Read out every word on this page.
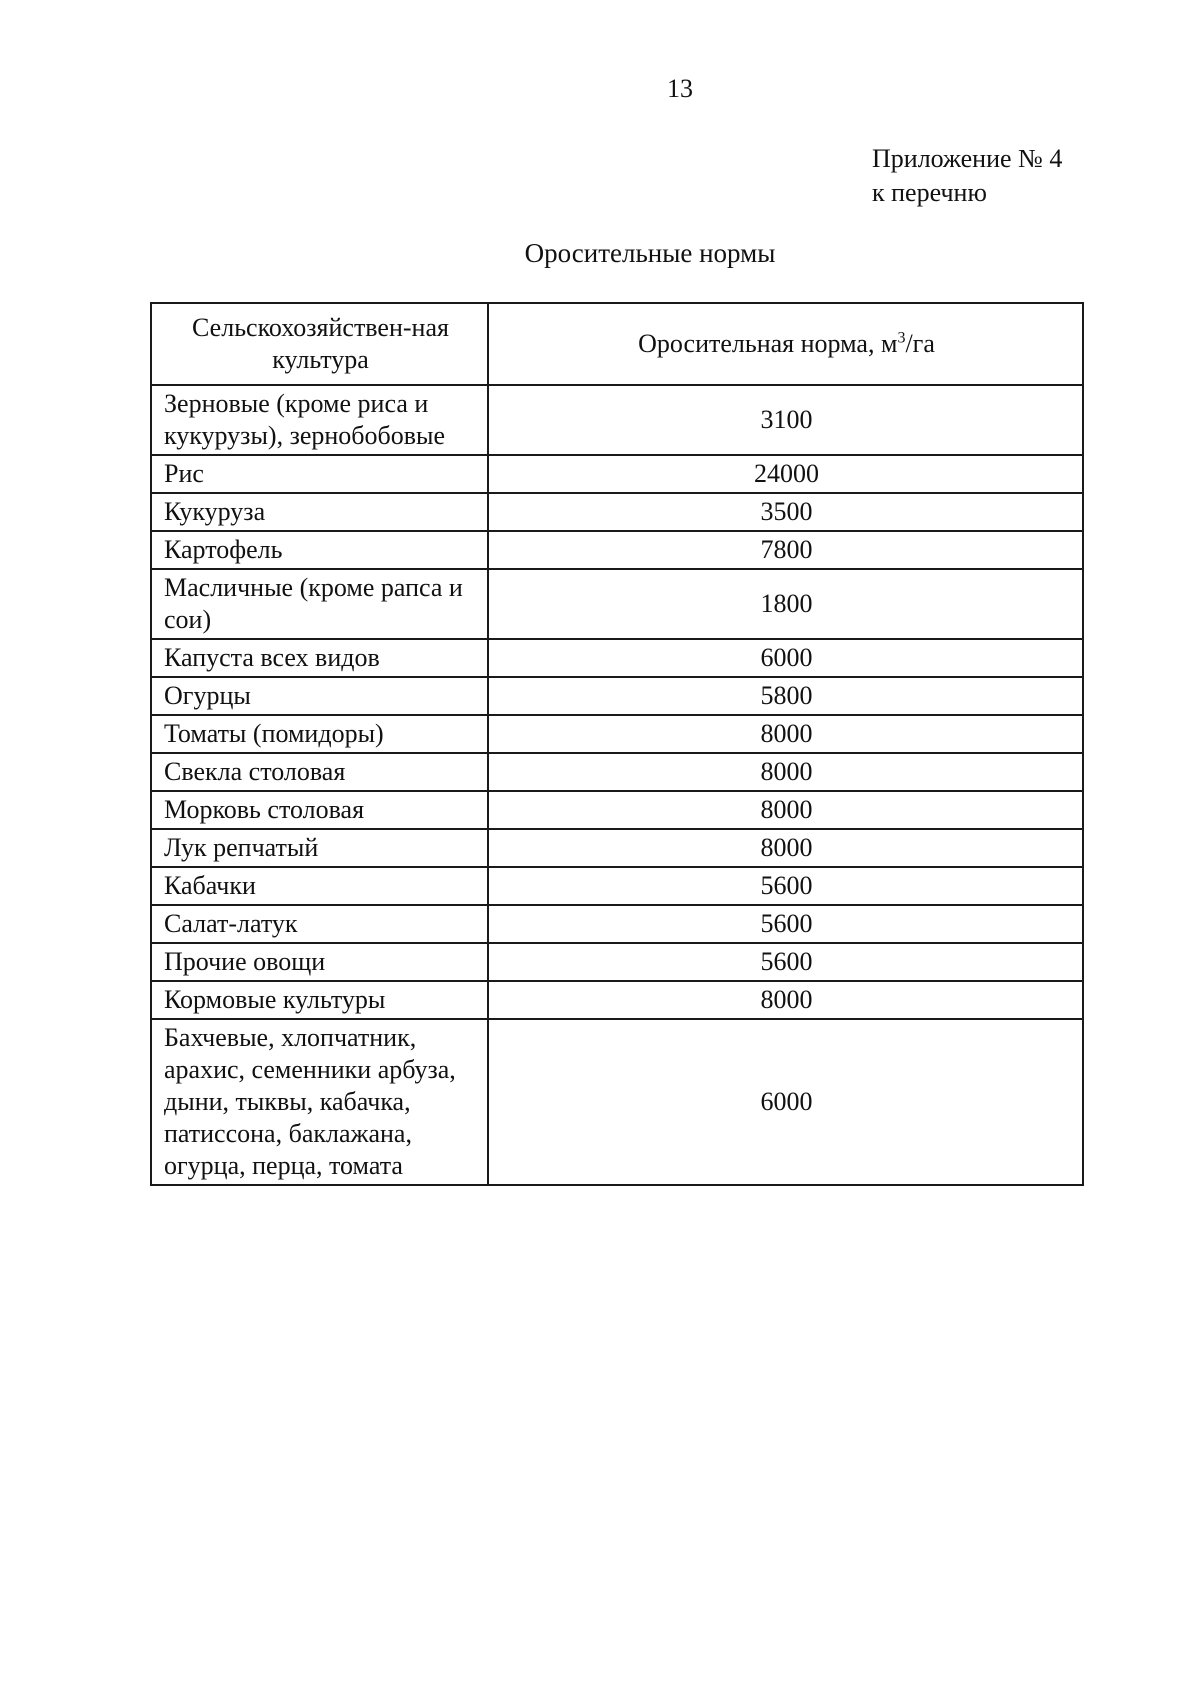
13
Приложение № 4
к перечню
Оросительные нормы
Сельскохозяйствен-ная культура	Оросительная норма, $м^3/га$
Зерновые (кроме риса и кукурузы), зернобобовые	3100
Рис	24000
Кукуруза	3500
Картофель	7800
Масличные (кроме рапса и сои)	1800
Капуста всех видов	6000
Огурцы	5800
Томаты (помидоры)	8000
Свекла столовая	8000
Морковь столовая	8000
Лук репчатый	8000
Кабачки	5600
Салат-латук	5600
Прочие овощи	5600
Кормовые культуры	8000
Бахчевые, хлопчатник, арахис, семенники арбуза, дыни, тыквы, кабачка, патиссона, баклажана, огурца, перца, томата	6000
